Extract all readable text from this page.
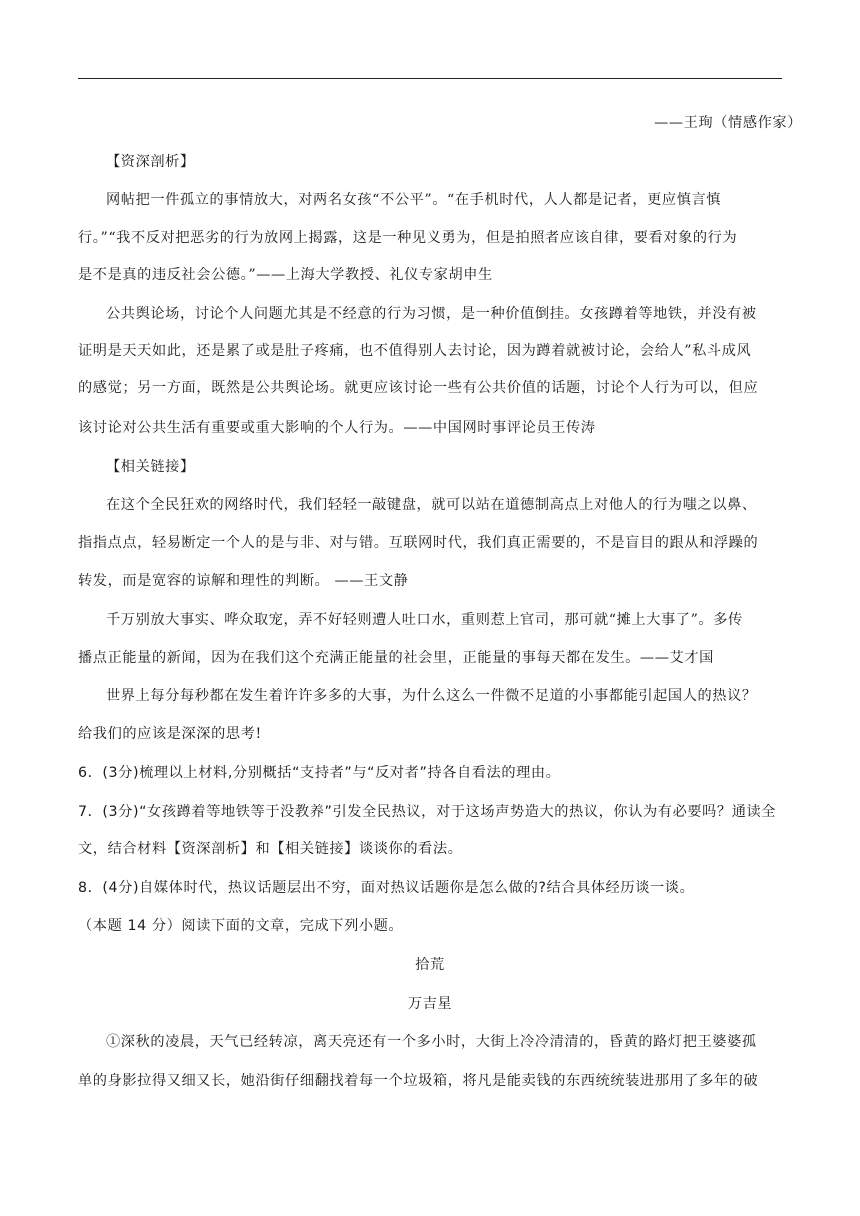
——王珣（情感作家）
【资深剖析】
网帖把一件孤立的事情放大，对两名女孩“不公平”。“在手机时代，人人都是记者，更应慎言慎
行。”“我不反对把恶劣的行为放网上揭露，这是一种见义勇为，但是拍照者应该自律，要看对象的行为
是不是真的违反社会公德。”——上海大学教授、礼仪专家胡申生
公共舆论场，讨论个人问题尤其是不经意的行为习惯，是一种价值倒挂。女孩蹲着等地铁，并没有被
证明是天天如此，还是累了或是肚子疼痛，也不值得别人去讨论，因为蹲着就被讨论，会给人”私斗成风
的感觉；另一方面，既然是公共舆论场。就更应该讨论一些有公共价值的话题，讨论个人行为可以，但应
该讨论对公共生活有重要或重大影响的个人行为。——中国网时事评论员王传涛
【相关链接】
在这个全民狂欢的网络时代，我们轻轻一敲键盘，就可以站在道德制高点上对他人的行为嗤之以鼻、
指指点点，轻易断定一个人的是与非、对与错。互联网时代，我们真正需要的，不是盲目的跟从和浮躁的
转发，而是宽容的谅解和理性的判断。 ——王文静
千万别放大事实、哗众取宠，弄不好轻则遭人吐口水，重则惹上官司，那可就“摊上大事了”。多传
播点正能量的新闻，因为在我们这个充满正能量的社会里，正能量的事每天都在发生。——艾才国
世界上每分每秒都在发生着许许多多的大事，为什么这么一件微不足道的小事都能引起国人的热议？
给我们的应该是深深的思考!
6．(3分)梳理以上材料,分别概括“支持者”与“反对者”持各自看法的理由。
7．(3分)“女孩蹲着等地铁等于没教养”引发全民热议，对于这场声势造大的热议，你认为有必要吗？通读全
文，结合材料【资深剖析】和【相关链接】谈谈你的看法。
8．(4分)自媒体时代，热议话题层出不穷，面对热议话题你是怎么做的?结合具体经历谈一谈。
（本题 14 分）阅读下面的文章，完成下列小题。
拾荒
万吉星
①深秋的凌晨，天气已经转凉，离天亮还有一个多小时，大街上冷冷清清的，昏黄的路灯把王婆婆孤
单的身影拉得又细又长，她沿街仔细翻找着每一个垃圾箱，将凡是能卖钱的东西统统装进那用了多年的破
